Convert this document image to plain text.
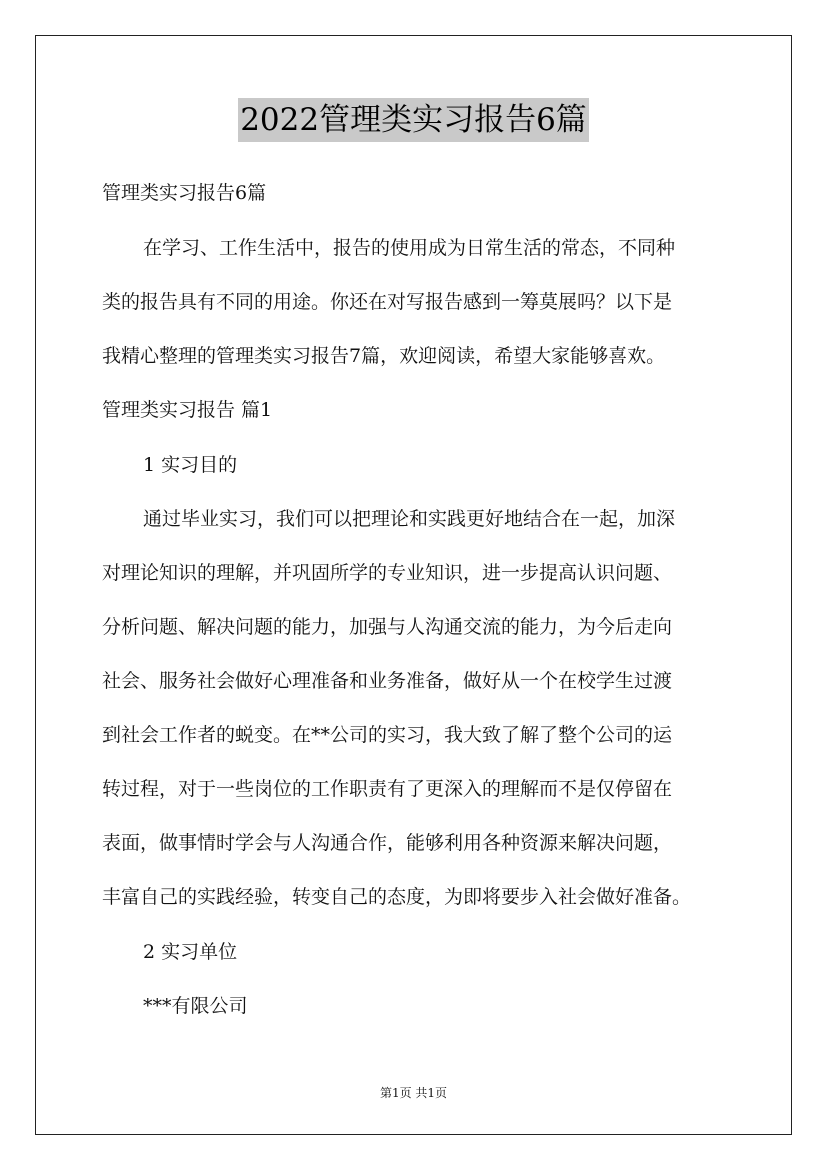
2022管理类实习报告6篇
管理类实习报告6篇
在学习、工作生活中，报告的使用成为日常生活的常态，不同种
类的报告具有不同的用途。你还在对写报告感到一筹莫展吗？以下是
我精心整理的管理类实习报告7篇，欢迎阅读，希望大家能够喜欢。
管理类实习报告 篇1
1 实习目的
通过毕业实习，我们可以把理论和实践更好地结合在一起，加深
对理论知识的理解，并巩固所学的专业知识，进一步提高认识问题、
分析问题、解决问题的能力，加强与人沟通交流的能力，为今后走向
社会、服务社会做好心理准备和业务准备，做好从一个在校学生过渡
到社会工作者的蜕变。在**公司的实习，我大致了解了整个公司的运
转过程，对于一些岗位的工作职责有了更深入的理解而不是仅停留在
表面，做事情时学会与人沟通合作，能够利用各种资源来解决问题，
丰富自己的实践经验，转变自己的态度，为即将要步入社会做好准备。
2 实习单位
***有限公司
第1页 共1页
